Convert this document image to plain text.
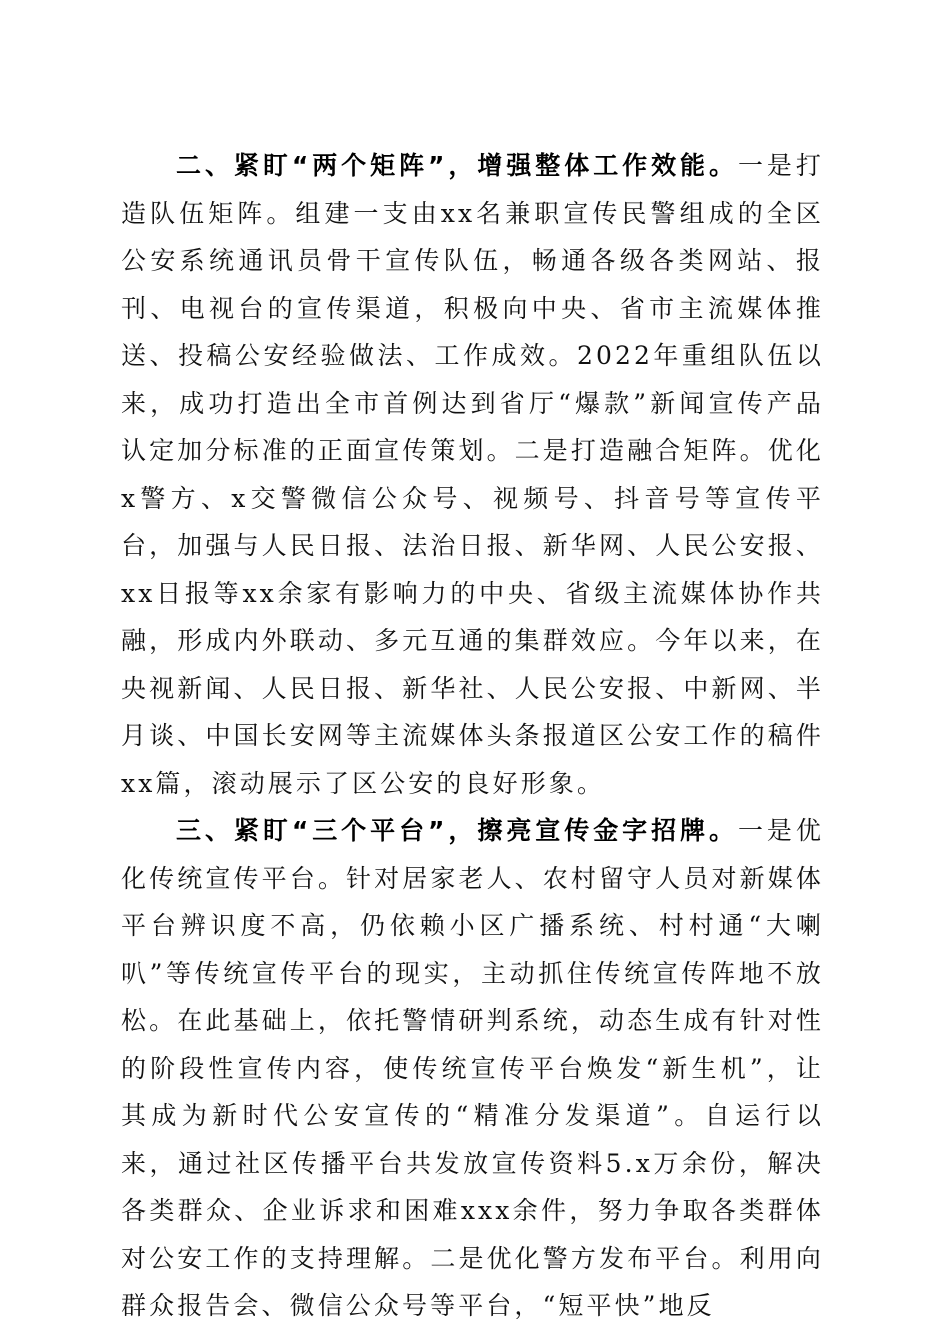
二、紧盯“两个矩阵”，增强整体工作效能。一是打造队伍矩阵。组建一支由xx名兼职宣传民警组成的全区公安系统通讯员骨干宣传队伍，畅通各级各类网站、报刊、电视台的宣传渠道，积极向中央、省市主流媒体推送、投稿公安经验做法、工作成效。2022年重组队伍以来，成功打造出全市首例达到省厅“爆款”新闻宣传产品认定加分标准的正面宣传策划。二是打造融合矩阵。优化x警方、x交警微信公众号、视频号、抖音号等宣传平台，加强与人民日报、法治日报、新华网、人民公安报、xx日报等xx余家有影响力的中央、省级主流媒体协作共融，形成内外联动、多元互通的集群效应。今年以来，在央视新闻、人民日报、新华社、人民公安报、中新网、半月谈、中国长安网等主流媒体头条报道区公安工作的稿件xx篇，滚动展示了区公安的良好形象。

三、紧盯“三个平台”，擦亮宣传金字招牌。一是优化传统宣传平台。针对居家老人、农村留守人员对新媒体平台辨识度不高，仍依赖小区广播系统、村村通“大喇叭”等传统宣传平台的现实，主动抓住传统宣传阵地不放松。在此基础上，依托警情研判系统，动态生成有针对性的阶段性宣传内容，使传统宣传平台焕发“新生机”，让其成为新时代公安宣传的“精准分发渠道”。自运行以来，通过社区传播平台共发放宣传资料5.x万余份，解决各类群众、企业诉求和困难xxx余件，努力争取各类群体对公安工作的支持理解。二是优化警方发布平台。利用向群众报告会、微信公众号等平台，“短平快”地反
